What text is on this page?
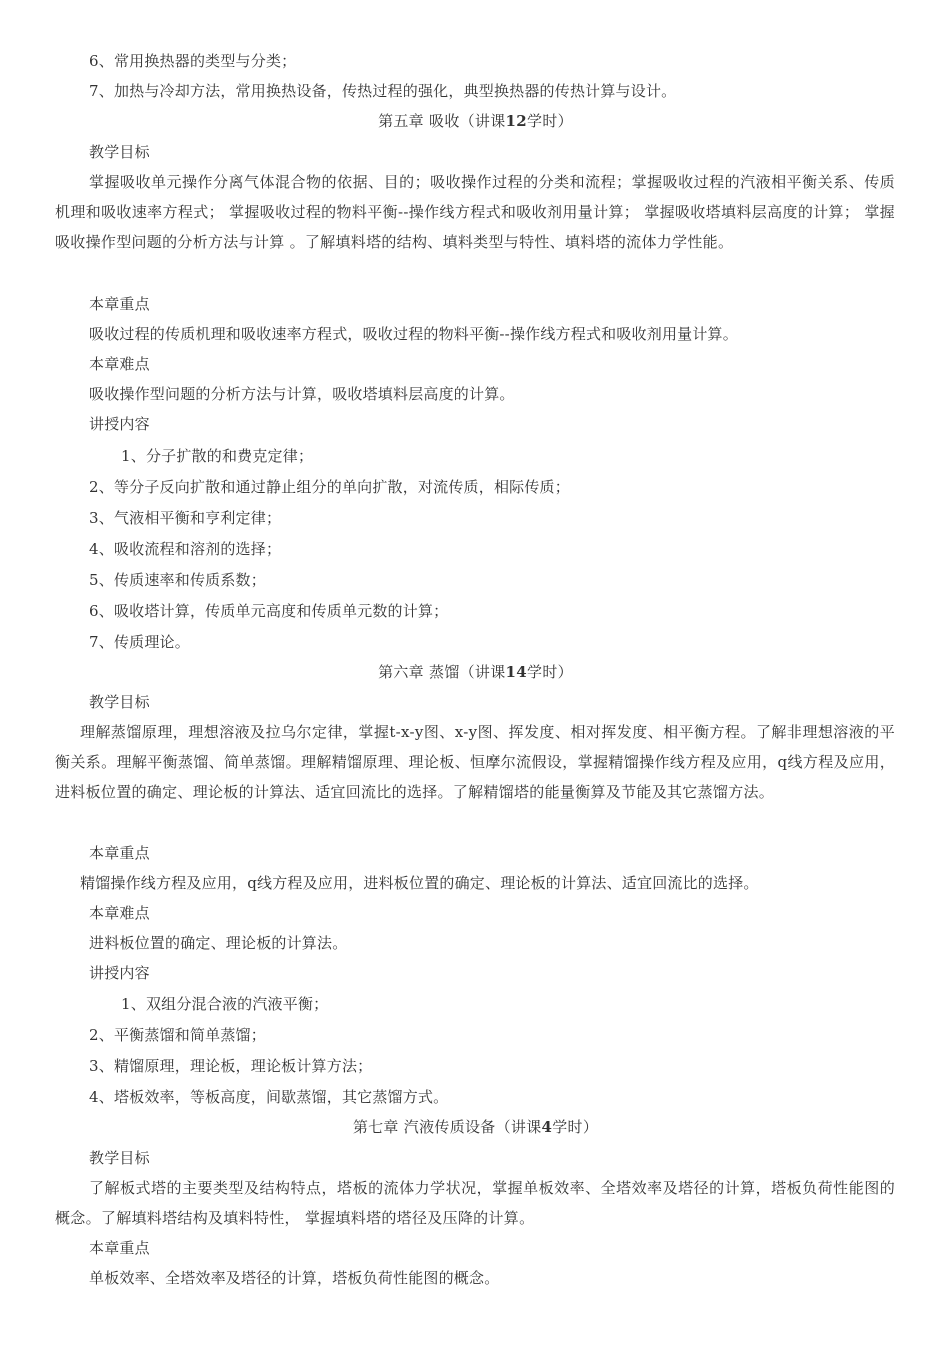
6、常用换热器的类型与分类；
7、加热与冷却方法，常用换热设备，传热过程的强化，典型换热器的传热计算与设计。
第五章 吸收（讲课12学时）
教学目标
掌握吸收单元操作分离气体混合物的依据、目的；吸收操作过程的分类和流程；掌握吸收过程的汽液相平衡关系、传质机理和吸收速率方程式； 掌握吸收过程的物料平衡--操作线方程式和吸收剂用量计算； 掌握吸收塔填料层高度的计算； 掌握吸收操作型问题的分析方法与计算 。了解填料塔的结构、填料类型与特性、填料塔的流体力学性能。
本章重点
吸收过程的传质机理和吸收速率方程式，吸收过程的物料平衡--操作线方程式和吸收剂用量计算。
本章难点
吸收操作型问题的分析方法与计算，吸收塔填料层高度的计算。
讲授内容
1、分子扩散的和费克定律；
2、等分子反向扩散和通过静止组分的单向扩散，对流传质，相际传质；
3、气液相平衡和亨利定律；
4、吸收流程和溶剂的选择；
5、传质速率和传质系数；
6、吸收塔计算，传质单元高度和传质单元数的计算；
7、传质理论。
第六章 蒸馏（讲课14学时）
教学目标
理解蒸馏原理，理想溶液及拉乌尔定律，掌握t-x-y图、x-y图、挥发度、相对挥发度、相平衡方程。了解非理想溶液的平衡关系。理解平衡蒸馏、简单蒸馏。理解精馏原理、理论板、恒摩尔流假设，掌握精馏操作线方程及应用，q线方程及应用，进料板位置的确定、理论板的计算法、适宜回流比的选择。了解精馏塔的能量衡算及节能及其它蒸馏方法。
本章重点
精馏操作线方程及应用，q线方程及应用，进料板位置的确定、理论板的计算法、适宜回流比的选择。
本章难点
进料板位置的确定、理论板的计算法。
讲授内容
1、双组分混合液的汽液平衡；
2、平衡蒸馏和简单蒸馏；
3、精馏原理，理论板，理论板计算方法；
4、塔板效率，等板高度，间歇蒸馏，其它蒸馏方式。
第七章 汽液传质设备（讲课4学时）
教学目标
了解板式塔的主要类型及结构特点，塔板的流体力学状况，掌握单板效率、全塔效率及塔径的计算，塔板负荷性能图的概念。了解填料塔结构及填料特性， 掌握填料塔的塔径及压降的计算。
本章重点
单板效率、全塔效率及塔径的计算，塔板负荷性能图的概念。
